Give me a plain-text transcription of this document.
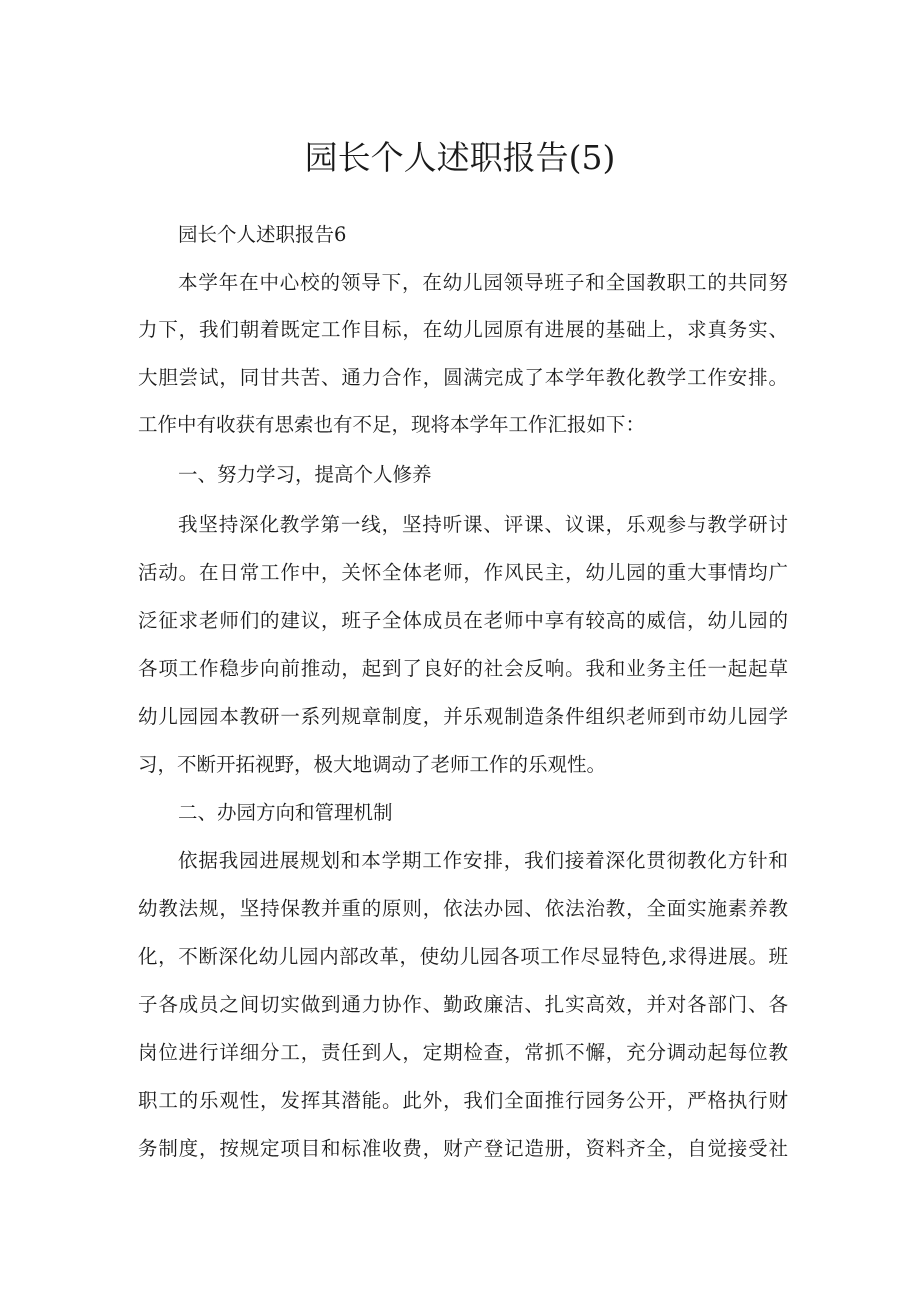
园长个人述职报告(5)
园长个人述职报告6
本学年在中心校的领导下，在幼儿园领导班子和全国教职工的共同努
力下，我们朝着既定工作目标，在幼儿园原有进展的基础上，求真务实、
大胆尝试，同甘共苦、通力合作，圆满完成了本学年教化教学工作安排。
工作中有收获有思索也有不足，现将本学年工作汇报如下：
一、努力学习，提高个人修养
我坚持深化教学第一线，坚持听课、评课、议课，乐观参与教学研讨
活动。在日常工作中，关怀全体老师，作风民主，幼儿园的重大事情均广
泛征求老师们的建议，班子全体成员在老师中享有较高的威信，幼儿园的
各项工作稳步向前推动，起到了良好的社会反响。我和业务主任一起起草
幼儿园园本教研一系列规章制度，并乐观制造条件组织老师到市幼儿园学
习，不断开拓视野，极大地调动了老师工作的乐观性。
二、办园方向和管理机制
依据我园进展规划和本学期工作安排，我们接着深化贯彻教化方针和
幼教法规，坚持保教并重的原则，依法办园、依法治教，全面实施素养教
化，不断深化幼儿园内部改革，使幼儿园各项工作尽显特色,求得进展。班
子各成员之间切实做到通力协作、勤政廉洁、扎实高效，并对各部门、各
岗位进行详细分工，责任到人，定期检查，常抓不懈，充分调动起每位教
职工的乐观性，发挥其潜能。此外，我们全面推行园务公开，严格执行财
务制度，按规定项目和标准收费，财产登记造册，资料齐全，自觉接受社
